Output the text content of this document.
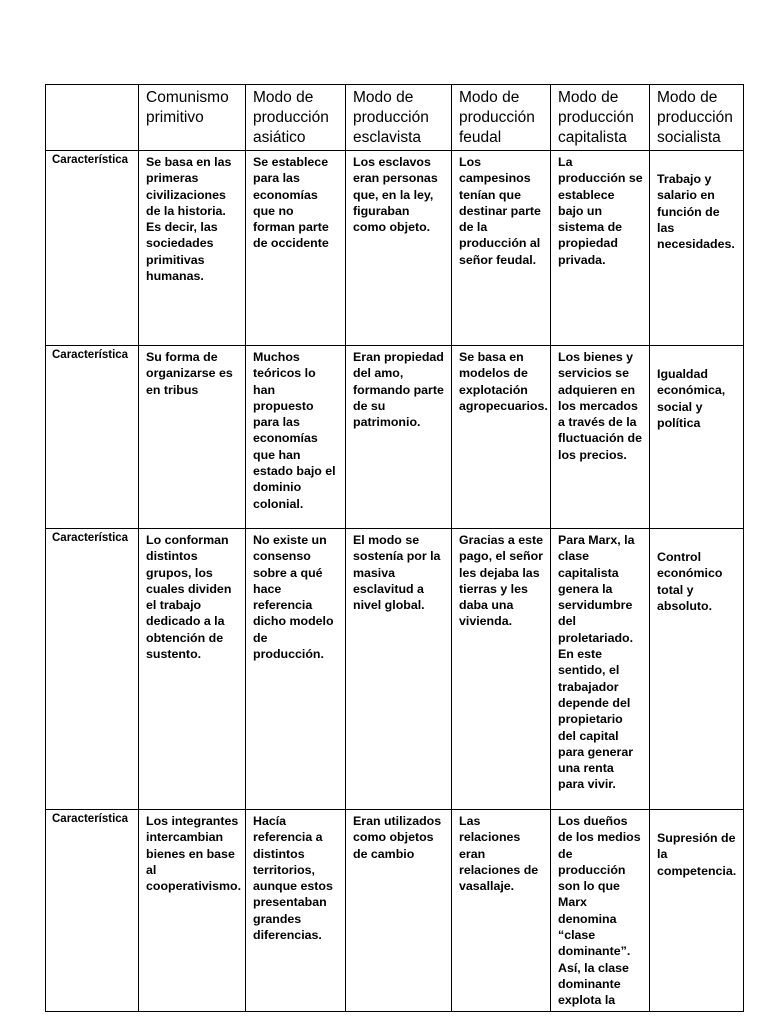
	Comunismo primitivo	Modo de producción asiático	Modo de producción esclavista	Modo de producción feudal	Modo de producción capitalista	Modo de producción socialista
Característica	Se basa en las primeras civilizaciones de la historia. Es decir, las sociedades primitivas humanas.	Se establece para las economías que no forman parte de occidente	Los esclavos eran personas que, en la ley, figuraban como objeto.	Los campesinos tenían que destinar parte de la producción al señor feudal.	La producción se establece bajo un sistema de propiedad privada.	Trabajo y salario en función de las necesidades.
Característica	Su forma de organizarse es en tribus	Muchos teóricos lo han propuesto para las economías que han estado bajo el dominio colonial.	Eran propiedad del amo, formando parte de su patrimonio.	Se basa en modelos de explotación agropecuarios.	Los bienes y servicios se adquieren en los mercados a través de la fluctuación de los precios.	Igualdad económica, social y política
Característica	Lo conforman distintos grupos, los cuales dividen el trabajo dedicado a la obtención de sustento.	No existe un consenso sobre a qué hace referencia dicho modelo de producción.	El modo se sostenía por la masiva esclavitud a nivel global.	Gracias a este pago, el señor les dejaba las tierras y les daba una vivienda.	Para Marx, la clase capitalista genera la servidumbre del proletariado. En este sentido, el trabajador depende del propietario del capital para generar una renta para vivir.	Control económico total y absoluto.
Característica	Los integrantes intercambian bienes en base al cooperativismo.	Hacía referencia a distintos territorios, aunque estos presentaban grandes diferencias.	Eran utilizados como objetos de cambio	Las relaciones eran relaciones de vasallaje.	Los dueños de los medios de producción son lo que Marx denomina “clase dominante”. Así, la clase dominante explota la	Supresión de la competencia.
